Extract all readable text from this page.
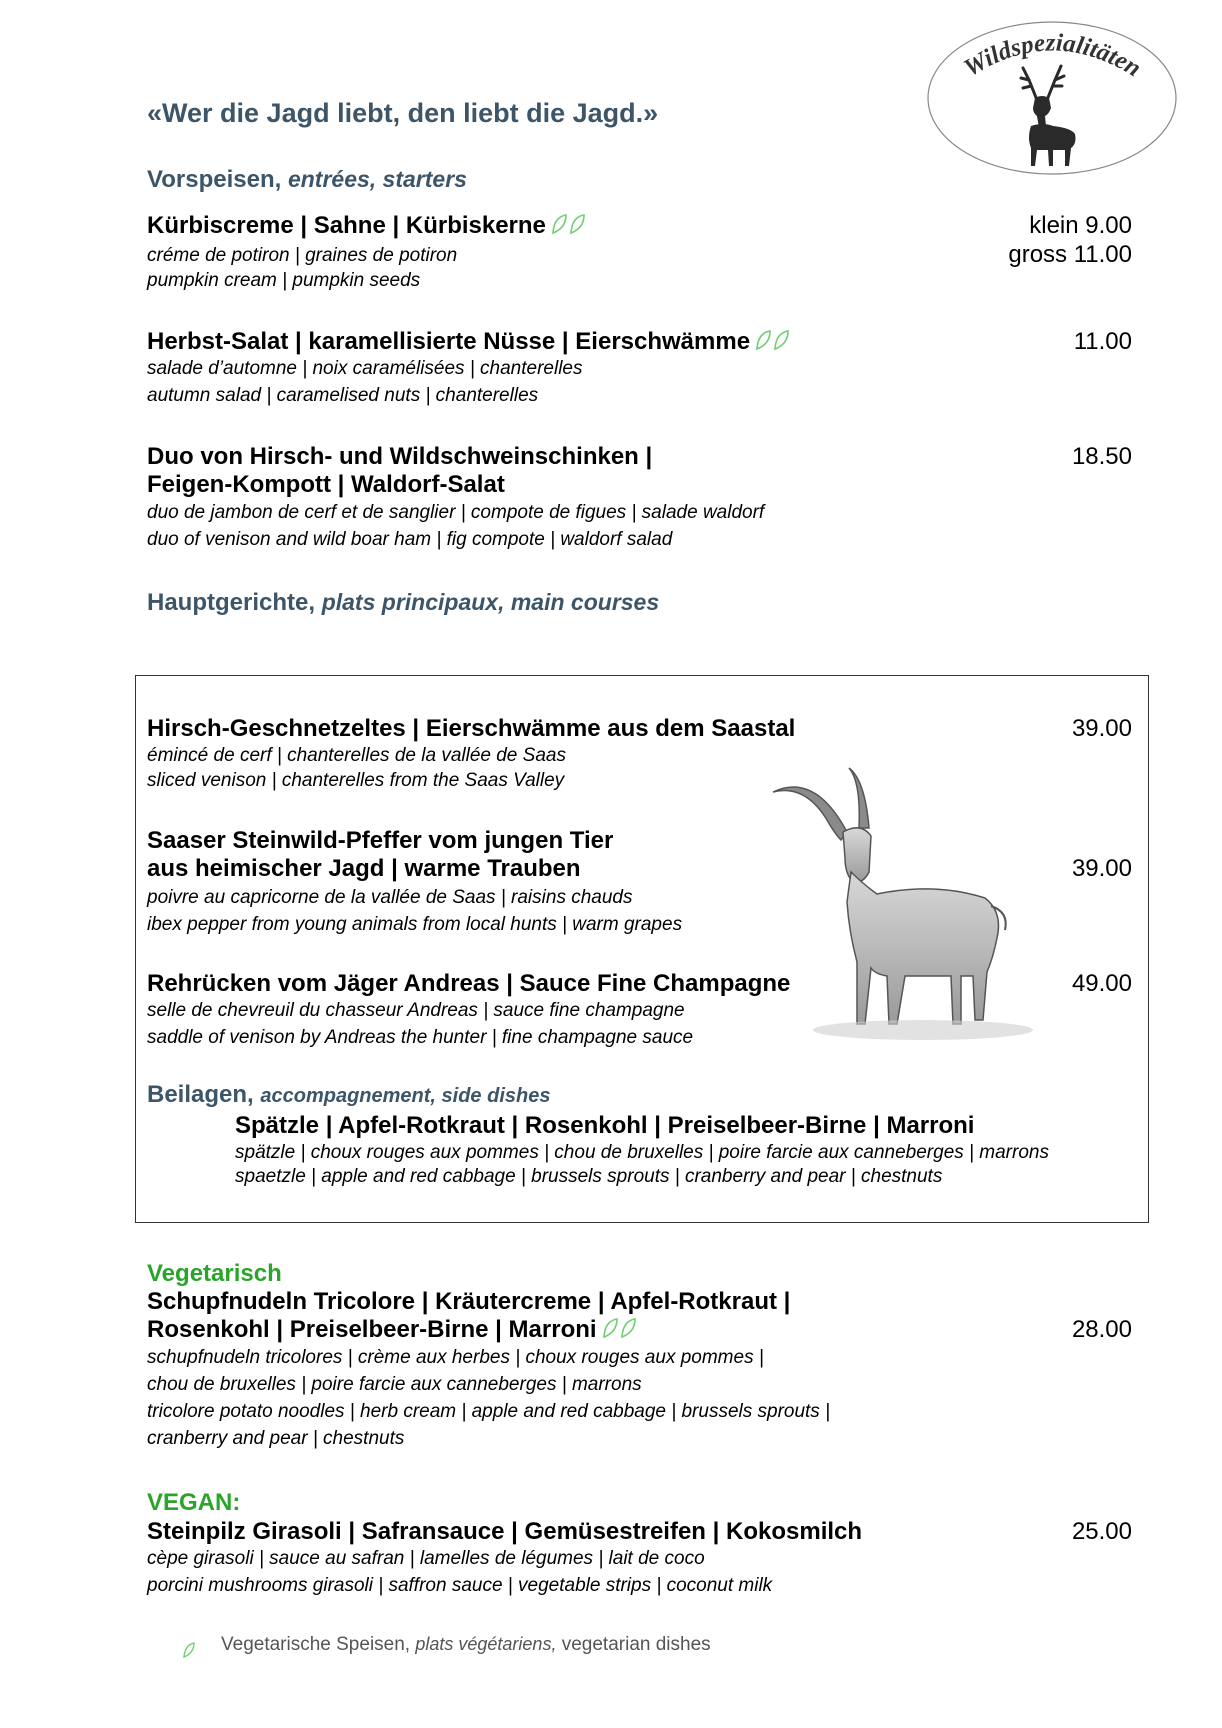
Wildspezialitäten
«Wer die Jagd liebt, den liebt die Jagd.»
Vorspeisen, entrées, starters
Kürbiscreme | Sahne | Kürbiskerne
créme de potiron | graines de potiron
pumpkin cream | pumpkin seeds
klein 9.00
gross 11.00
Herbst-Salat | karamellisierte Nüsse | Eierschwämme
salade d’automne | noix caramélisées | chanterelles
autumn salad | caramelised nuts | chanterelles
11.00
Duo von Hirsch- und Wildschweinschinken |
Feigen-Kompott | Waldorf-Salat
duo de jambon de cerf et de sanglier | compote de figues | salade waldorf
duo of venison and wild boar ham | fig compote | waldorf salad
18.50
Hauptgerichte, plats principaux, main courses
Hirsch-Geschnetzeltes | Eierschwämme aus dem Saastal
émincé de cerf | chanterelles de la vallée de Saas
sliced venison | chanterelles from the Saas Valley
39.00
Saaser Steinwild-Pfeffer vom jungen Tier
aus heimischer Jagd | warme Trauben
poivre au capricorne de la vallée de Saas | raisins chauds
ibex pepper from young animals from local hunts | warm grapes
39.00
Rehrücken vom Jäger Andreas | Sauce Fine Champagne
selle de chevreuil du chasseur Andreas | sauce fine champagne
saddle of venison by Andreas the hunter | fine champagne sauce
49.00
Beilagen, accompagnement, side dishes
Spätzle | Apfel-Rotkraut | Rosenkohl | Preiselbeer-Birne | Marroni
spätzle | choux rouges aux pommes | chou de bruxelles | poire farcie aux canneberges | marrons
spaetzle | apple and red cabbage | brussels sprouts | cranberry and pear | chestnuts
Vegetarisch
Schupfnudeln Tricolore | Kräutercreme | Apfel-Rotkraut |
Rosenkohl | Preiselbeer-Birne | Marroni
schupfnudeln tricolores | crème aux herbes | choux rouges aux pommes |
chou de bruxelles | poire farcie aux canneberges | marrons
tricolore potato noodles | herb cream | apple and red cabbage | brussels sprouts |
cranberry and pear | chestnuts
28.00
VEGAN:
Steinpilz Girasoli | Safransauce | Gemüsestreifen | Kokosmilch
cèpe girasoli | sauce au safran | lamelles de légumes | lait de coco
porcini mushrooms girasoli | saffron sauce | vegetable strips | coconut milk
25.00
Vegetarische Speisen, plats végétariens, vegetarian dishes
